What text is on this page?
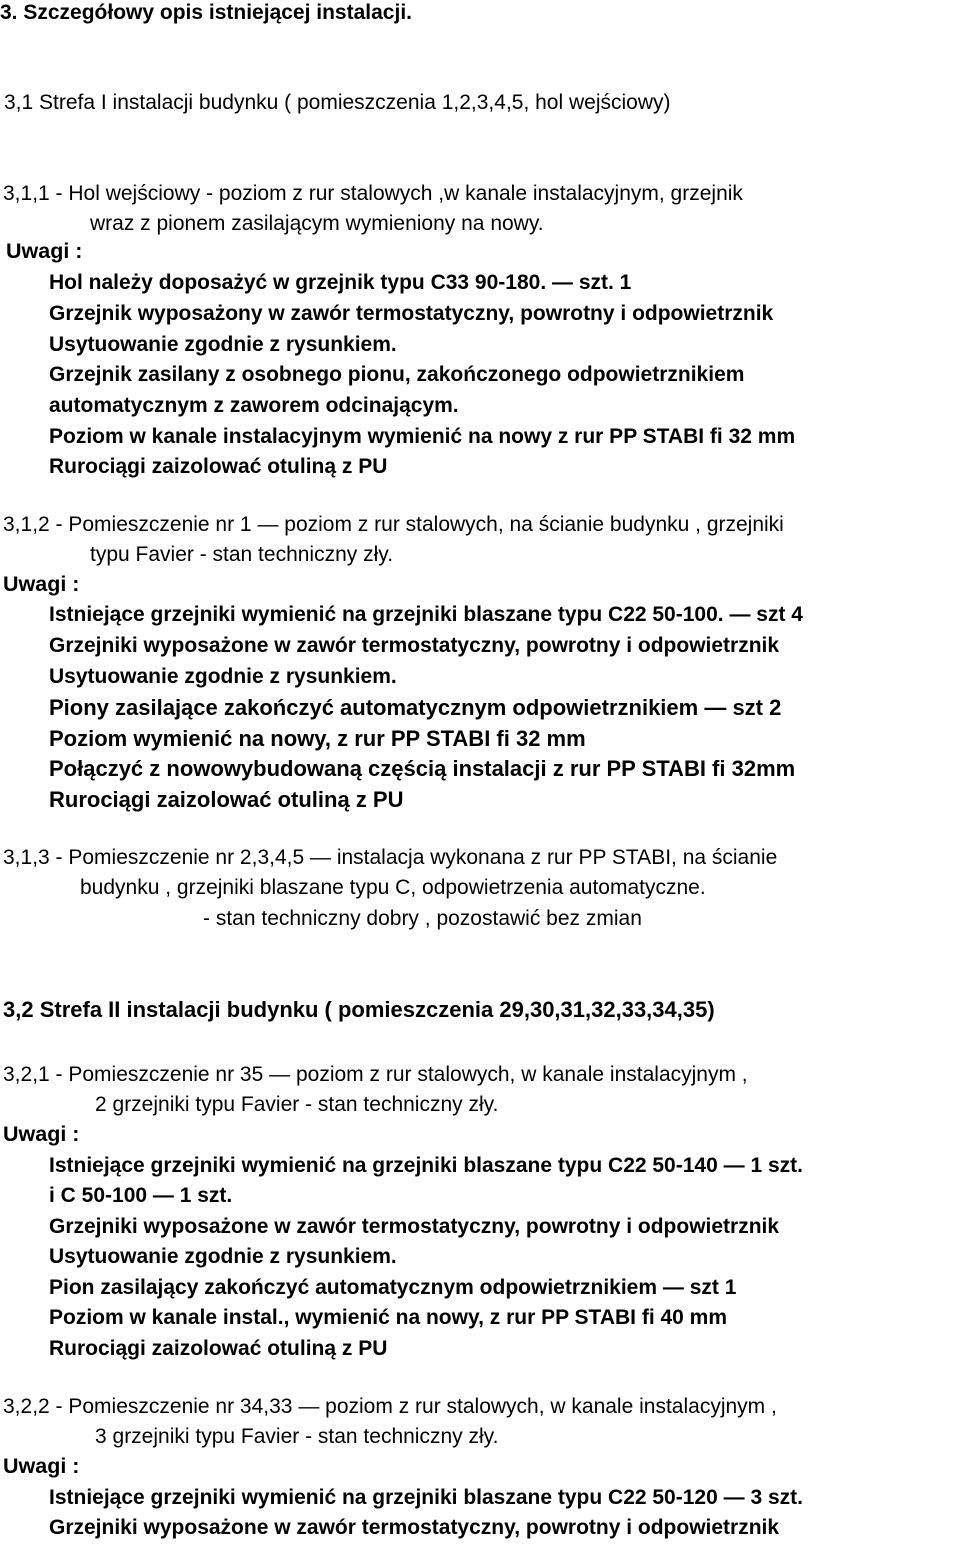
3. Szczegółowy opis istniejącej instalacji.
3,1 Strefa I instalacji budynku ( pomieszczenia 1,2,3,4,5, hol wejściowy)
3,1,1 - Hol wejściowy - poziom z rur stalowych ,w kanale instalacyjnym, grzejnik
wraz z pionem zasilającym wymieniony na nowy.
Uwagi :
Hol należy doposażyć w grzejnik typu C33 90-180. — szt. 1
Grzejnik wyposażony w zawór termostatyczny, powrotny i odpowietrznik
Usytuowanie zgodnie z rysunkiem.
Grzejnik zasilany z osobnego pionu, zakończonego odpowietrznikiem
automatycznym z zaworem odcinającym.
Poziom w kanale instalacyjnym wymienić na nowy z rur PP STABI fi 32 mm
Rurociągi zaizolować otuliną z PU
3,1,2 - Pomieszczenie nr 1 — poziom z rur stalowych, na ścianie budynku , grzejniki
typu Favier - stan techniczny zły.
Uwagi :
Istniejące grzejniki wymienić na grzejniki blaszane typu C22 50-100. — szt 4
Grzejniki wyposażone w zawór termostatyczny, powrotny i odpowietrznik
Usytuowanie zgodnie z rysunkiem.
Piony zasilające zakończyć automatycznym odpowietrznikiem — szt 2
Poziom wymienić na nowy, z rur PP STABI fi 32 mm
Połączyć z nowowybudowaną częścią instalacji z rur PP STABI fi 32mm
Rurociągi zaizolować otuliną z PU
3,1,3 - Pomieszczenie nr 2,3,4,5 — instalacja wykonana z rur PP STABI, na ścianie
budynku , grzejniki blaszane typu C, odpowietrzenia automatyczne.
- stan techniczny dobry , pozostawić bez zmian
3,2 Strefa II instalacji budynku ( pomieszczenia 29,30,31,32,33,34,35)
3,2,1 - Pomieszczenie nr 35 — poziom z rur stalowych, w kanale instalacyjnym ,
2 grzejniki typu Favier - stan techniczny zły.
Uwagi :
Istniejące grzejniki wymienić na grzejniki blaszane typu C22 50-140 — 1 szt.
i C 50-100 — 1 szt.
Grzejniki wyposażone w zawór termostatyczny, powrotny i odpowietrznik
Usytuowanie zgodnie z rysunkiem.
Pion zasilający zakończyć automatycznym odpowietrznikiem — szt 1
Poziom w kanale instal., wymienić na nowy, z rur PP STABI fi 40 mm
Rurociągi zaizolować otuliną z PU
3,2,2 - Pomieszczenie nr 34,33 — poziom z rur stalowych, w kanale instalacyjnym ,
3 grzejniki typu Favier - stan techniczny zły.
Uwagi :
Istniejące grzejniki wymienić na grzejniki blaszane typu C22 50-120 — 3 szt.
Grzejniki wyposażone w zawór termostatyczny, powrotny i odpowietrznik
